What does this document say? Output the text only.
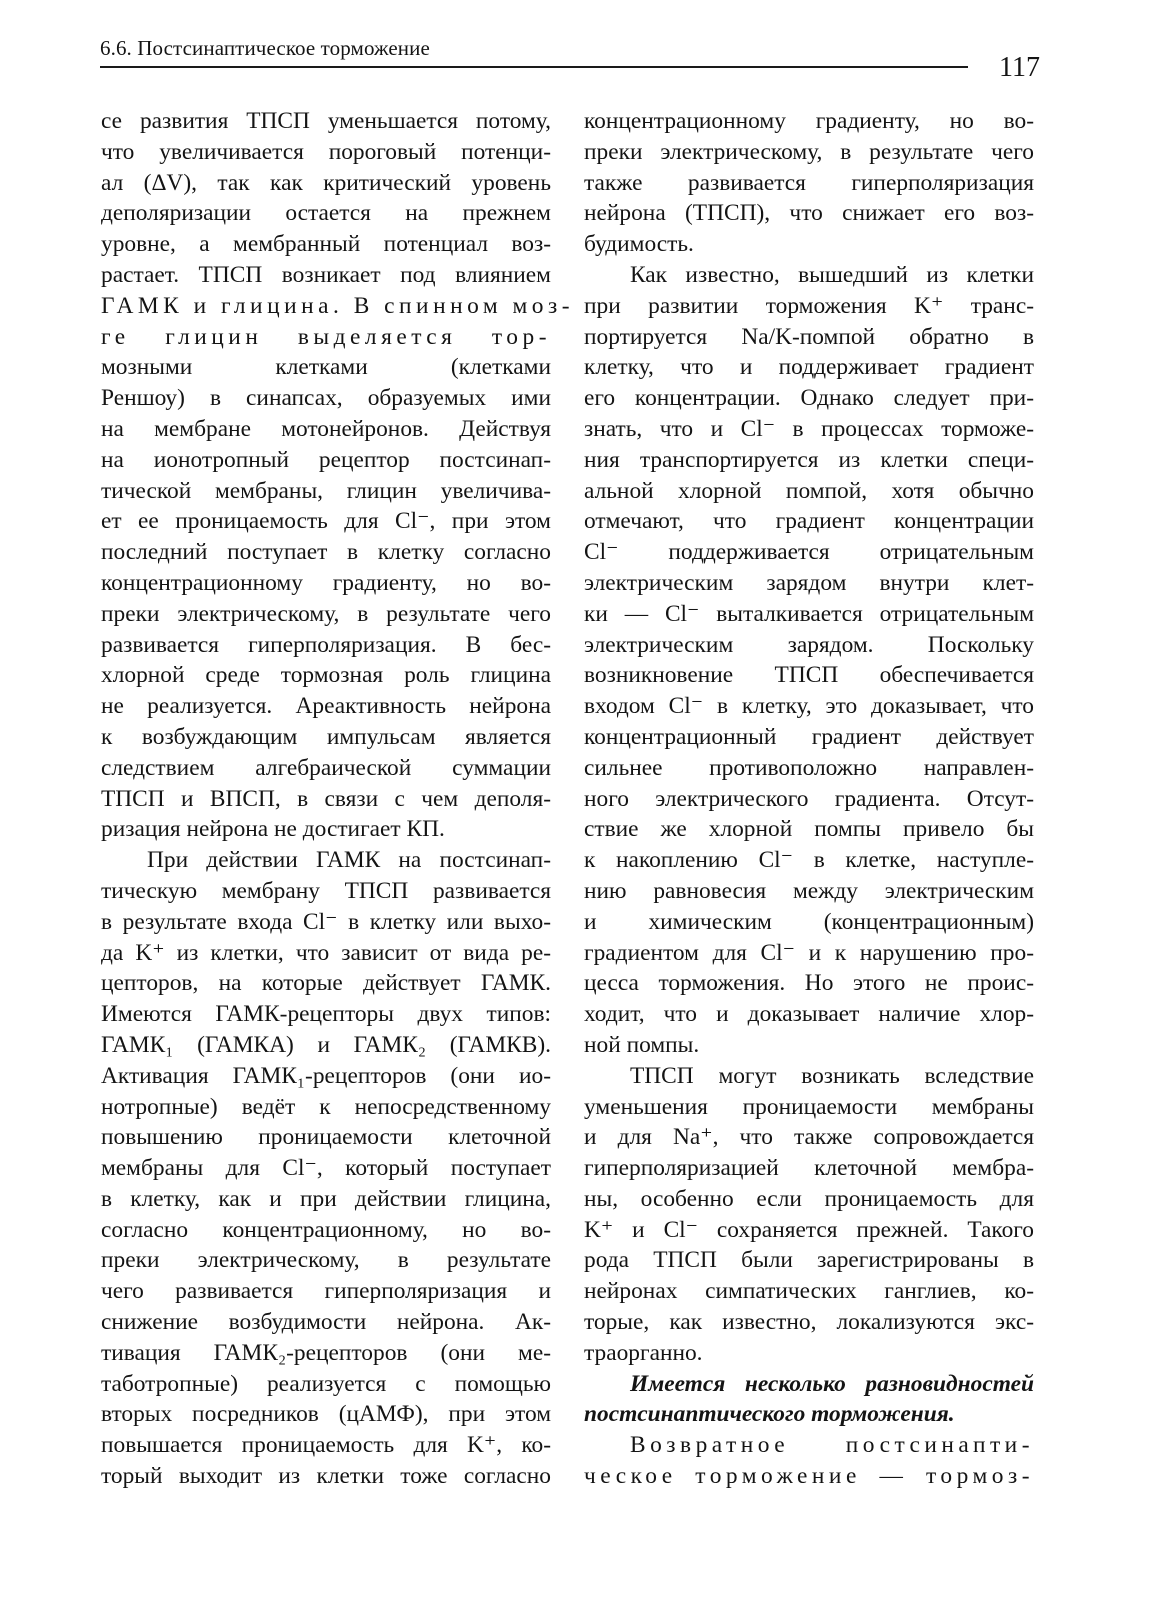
6.6. Постсинаптическое торможение
117
се развития ТПСП уменьшается потому,
что увеличивается пороговый потенци-
ал (ΔV), так как критический уровень
деполяризации остается на прежнем
уровне, а мембранный потенциал воз-
растает. ТПСП возникает под влиянием
ГАМК и глицина. В спинном моз-
ге глицин выделяется тор-
мозными клетками (клетками
Реншоу) в синапсах, образуемых ими
на мембране мотонейронов. Действуя
на ионотропный рецептор постсинап-
тической мембраны, глицин увеличива-
ет ее проницаемость для Cl⁻, при этом
последний поступает в клетку согласно
концентрационному градиенту, но во-
преки электрическому, в результате чего
развивается гиперполяризация. В бес-
хлорной среде тормозная роль глицина
не реализуется. Ареактивность нейрона
к возбуждающим импульсам является
следствием алгебраической суммации
ТПСП и ВПСП, в связи с чем деполя-
ризация нейрона не достигает КП.
При действии ГАМК на постсинап-
тическую мембрану ТПСП развивается
в результате входа Cl⁻ в клетку или выхо-
да K⁺ из клетки, что зависит от вида ре-
цепторов, на которые действует ГАМК.
Имеются ГАМК-рецепторы двух типов:
ГАМК₁ (ГАМКA) и ГАМК₂ (ГАМКB).
Активация ГАМК₁-рецепторов (они ио-
нотропные) ведёт к непосредственному
повышению проницаемости клеточной
мембраны для Cl⁻, который поступает
в клетку, как и при действии глицина,
согласно концентрационному, но во-
преки электрическому, в результате
чего развивается гиперполяризация и
снижение возбудимости нейрона. Ак-
тивация ГАМК₂-рецепторов (они ме-
таботропные) реализуется с помощью
вторых посредников (цАМФ), при этом
повышается проницаемость для K⁺, ко-
торый выходит из клетки тоже согласно
концентрационному градиенту, но во-
преки электрическому, в результате чего
также развивается гиперполяризация
нейрона (ТПСП), что снижает его воз-
будимость.
Как известно, вышедший из клетки
при развитии торможения K⁺ транс-
портируется Na/K-помпой обратно в
клетку, что и поддерживает градиент
его концентрации. Однако следует при-
знать, что и Cl⁻ в процессах торможе-
ния транспортируется из клетки специ-
альной хлорной помпой, хотя обычно
отмечают, что градиент концентрации
Cl⁻ поддерживается отрицательным
электрическим зарядом внутри клет-
ки — Cl⁻ выталкивается отрицательным
электрическим зарядом. Поскольку
возникновение ТПСП обеспечивается
входом Cl⁻ в клетку, это доказывает, что
концентрационный градиент действует
сильнее противоположно направлен-
ного электрического градиента. Отсут-
ствие же хлорной помпы привело бы
к накоплению Cl⁻ в клетке, наступле-
нию равновесия между электрическим
и химическим (концентрационным)
градиентом для Cl⁻ и к нарушению про-
цесса торможения. Но этого не проис-
ходит, что и доказывает наличие хлор-
ной помпы.
ТПСП могут возникать вследствие
уменьшения проницаемости мембраны
и для Na⁺, что также сопровождается
гиперполяризацией клеточной мембра-
ны, особенно если проницаемость для
K⁺ и Cl⁻ сохраняется прежней. Такого
рода ТПСП были зарегистрированы в
нейронах симпатических ганглиев, ко-
торые, как известно, локализуются экс-
траорганно.
Имеется несколько разновидностей
постсинаптического торможения.
Возвратное постсинапти-
ческое торможение — тормоз-
